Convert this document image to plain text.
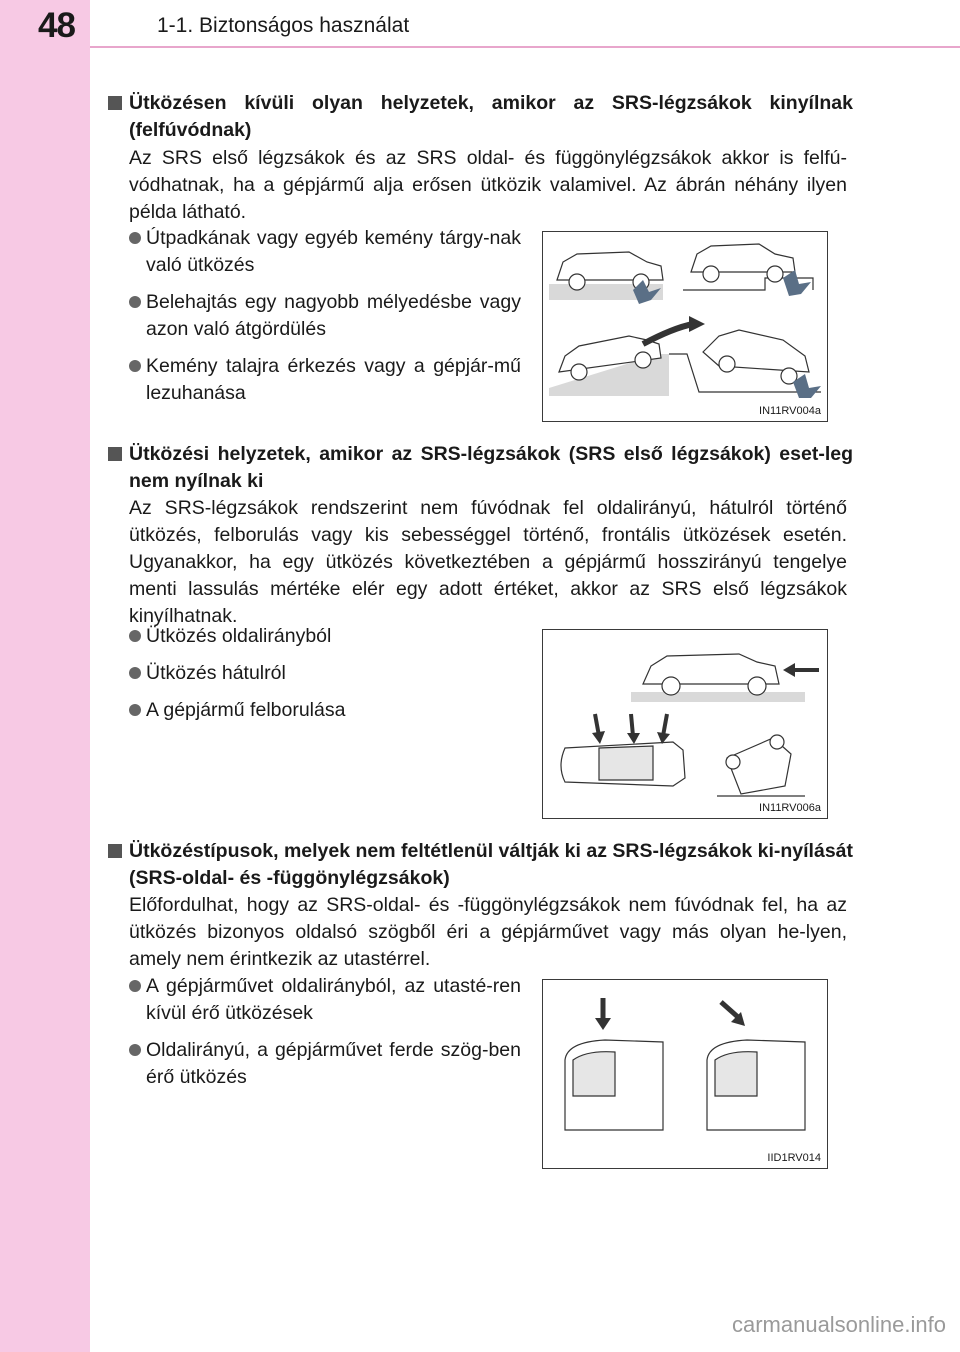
48	1-1. Biztonságos használat
Ütközésen kívüli olyan helyzetek, amikor az SRS-légzsákok kinyílnak (felfúvódnak)
Az SRS első légzsákok és az SRS oldal- és függönylégzsákok akkor is felfú-vódhatnak, ha a gépjármű alja erősen ütközik valamivel. Az ábrán néhány ilyen példa látható.
Útpadkának vagy egyéb kemény tárgy-nak való ütközés
Belehajtás egy nagyobb mélyedésbe vagy azon való átgördülés
Kemény talajra érkezés vagy a gépjár-mű lezuhanása
IN11RV004a
Ütközési helyzetek, amikor az SRS-légzsákok (SRS első légzsákok) eset-leg nem nyílnak ki
Az SRS-légzsákok rendszerint nem fúvódnak fel oldalirányú, hátulról történő ütközés, felborulás vagy kis sebességgel történő, frontális ütközések esetén. Ugyanakkor, ha egy ütközés következtében a gépjármű hosszirányú tengelye menti lassulás mértéke elér egy adott értéket, akkor az SRS első légzsákok kinyílhatnak.
Ütközés oldalirányból
Ütközés hátulról
A gépjármű felborulása
IN11RV006a
Ütközéstípusok, melyek nem feltétlenül váltják ki az SRS-légzsákok ki-nyílását (SRS-oldal- és -függönylégzsákok)
Előfordulhat, hogy az SRS-oldal- és -függönylégzsákok nem fúvódnak fel, ha az ütközés bizonyos oldalsó szögből éri a gépjárművet vagy más olyan he-lyen, amely nem érintkezik az utastérrel.
A gépjárművet oldalirányból, az utasté-ren kívül érő ütközések
Oldalirányú, a gépjárművet ferde szög-ben érő ütközés
IID1RV014
carmanualsonline.info
